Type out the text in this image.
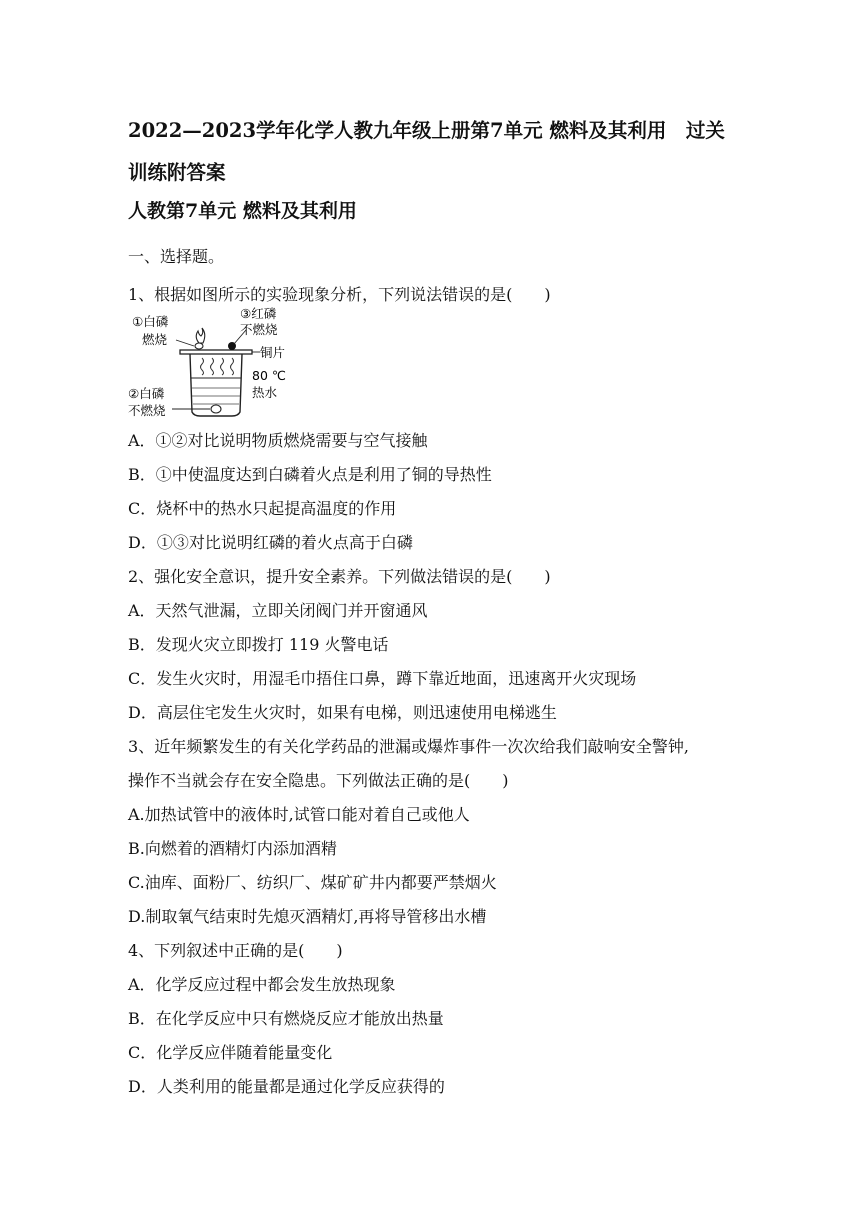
2022—2023学年化学人教九年级上册第7单元 燃料及其利用　过关
训练附答案
人教第7单元 燃料及其利用
一、选择题。
1、根据如图所示的实验现象分析，下列说法错误的是(　　)
①白磷
燃烧
③红磷
不燃烧
铜片
80 ℃
热水
②白磷
不燃烧
A．①②对比说明物质燃烧需要与空气接触
B．①中使温度达到白磷着火点是利用了铜的导热性
C．烧杯中的热水只起提高温度的作用
D．①③对比说明红磷的着火点高于白磷
2、强化安全意识，提升安全素养。下列做法错误的是(　　)
A．天然气泄漏，立即关闭阀门并开窗通风
B．发现火灾立即拨打 119 火警电话
C．发生火灾时，用湿毛巾捂住口鼻，蹲下靠近地面，迅速离开火灾现场
D．高层住宅发生火灾时，如果有电梯，则迅速使用电梯逃生
3、近年频繁发生的有关化学药品的泄漏或爆炸事件一次次给我们敲响安全警钟,
操作不当就会存在安全隐患。下列做法正确的是(　　)
A.加热试管中的液体时,试管口能对着自己或他人
B.向燃着的酒精灯内添加酒精
C.油库、面粉厂、纺织厂、煤矿矿井内都要严禁烟火
D.制取氧气结束时先熄灭酒精灯,再将导管移出水槽
4、下列叙述中正确的是(　　)
A．化学反应过程中都会发生放热现象
B．在化学反应中只有燃烧反应才能放出热量
C．化学反应伴随着能量变化
D．人类利用的能量都是通过化学反应获得的
